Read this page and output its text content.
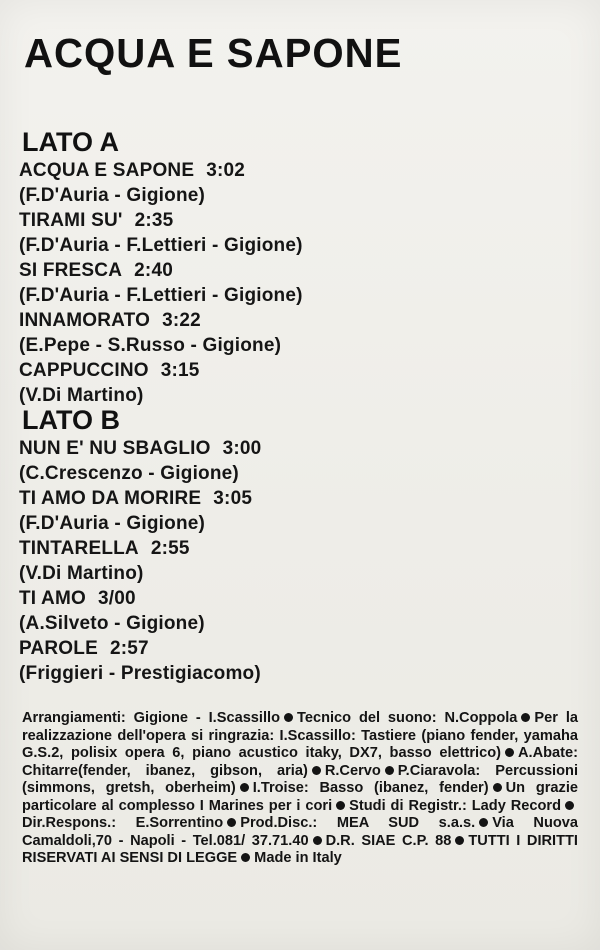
ACQUA E SAPONE
LATO A
ACQUA E SAPONE 3:02
(F.D'Auria - Gigione)
TIRAMI SU' 2:35
(F.D'Auria - F.Lettieri - Gigione)
SI FRESCA 2:40
(F.D'Auria - F.Lettieri - Gigione)
INNAMORATO 3:22
(E.Pepe - S.Russo - Gigione)
CAPPUCCINO 3:15
(V.Di Martino)
LATO B
NUN E' NU SBAGLIO 3:00
(C.Crescenzo - Gigione)
TI AMO DA MORIRE 3:05
(F.D'Auria - Gigione)
TINTARELLA 2:55
(V.Di Martino)
TI AMO 3/00
(A.Silveto - Gigione)
PAROLE 2:57
(Friggieri - Prestigiacomo)
Arrangiamenti: Gigione - I.Scassillo Tecnico del suono: N.Coppola Per la realizzazione dell'opera si ringrazia: I.Scassillo: Tastiere (piano fender, yamaha G.S.2, polisix opera 6, piano acustico itaky, DX7, basso elettrico) A.Abate: Chitarre(fender, ibanez, gibson, aria) R.Cervo P.Ciaravola: Percussioni (simmons, gretsh, oberheim) I.Troise: Basso (ibanez, fender) Un grazie particolare al complesso I Marines per i cori Studi di Registr.: Lady RecordDir.Respons.: E.Sorrentino Prod.Disc.: MEA SUD s.a.s. Via Nuova Camaldoli,70 - Napoli - Tel.081/ 37.71.40 D.R. SIAE C.P. 88 TUTTI I DIRITTI RISERVATI AI SENSI DI LEGGE Made in Italy
